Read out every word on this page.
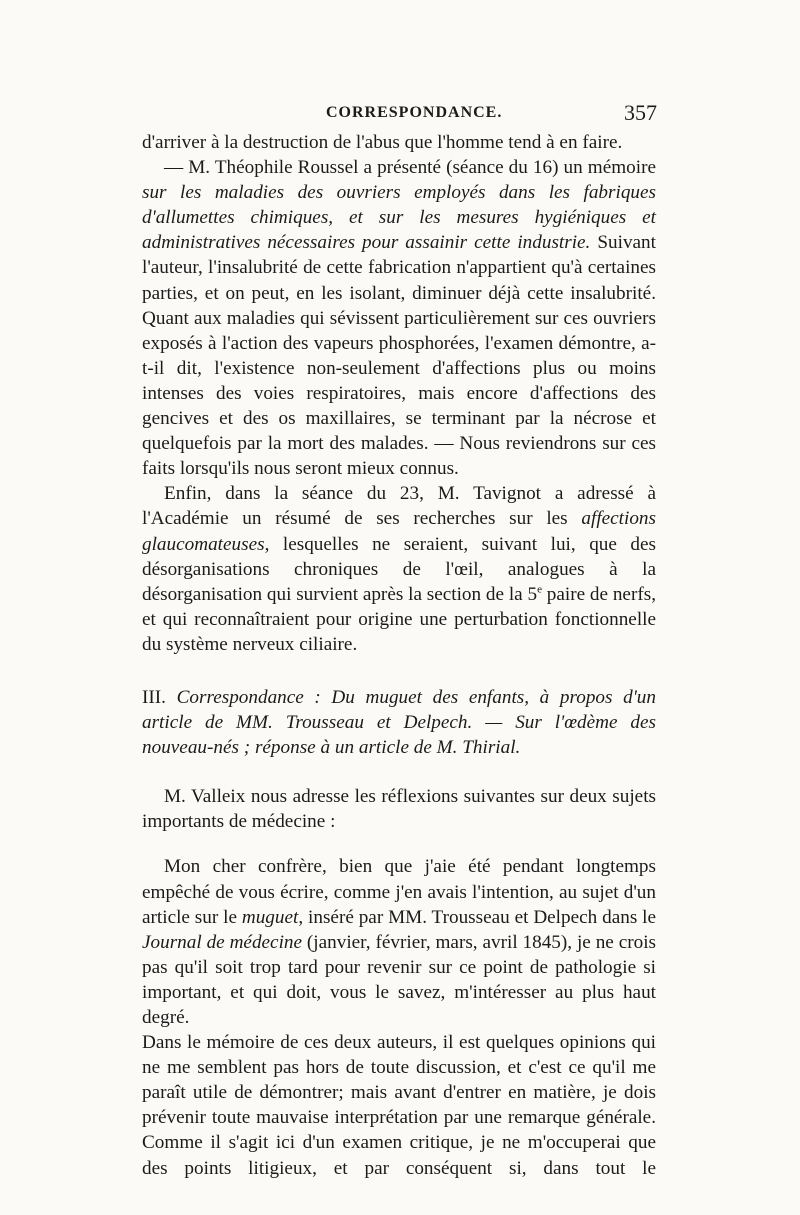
CORRESPONDANCE.	357

d'arriver à la destruction de l'abus que l'homme tend à en faire.

— M. Théophile Roussel a présenté (séance du 16) un mémoire sur les maladies des ouvriers employés dans les fabriques d'allumettes chimiques, et sur les mesures hygiéniques et administratives nécessaires pour assainir cette industrie. Suivant l'auteur, l'insalubrité de cette fabrication n'appartient qu'à certaines parties, et on peut, en les isolant, diminuer déjà cette insalubrité. Quant aux maladies qui sévissent particulièrement sur ces ouvriers exposés à l'action des vapeurs phosphorées, l'examen démontre, a-t-il dit, l'existence non-seulement d'affections plus ou moins intenses des voies respiratoires, mais encore d'affections des gencives et des os maxillaires, se terminant par la nécrose et quelquefois par la mort des malades. — Nous reviendrons sur ces faits lorsqu'ils nous seront mieux connus.

Enfin, dans la séance du 23, M. Tavignot a adressé à l'Académie un résumé de ses recherches sur les affections glaucomateuses, lesquelles ne seraient, suivant lui, que des désorganisations chroniques de l'œil, analogues à la désorganisation qui survient après la section de la 5e paire de nerfs, et qui reconnaîtraient pour origine une perturbation fonctionnelle du système nerveux ciliaire.

III. Correspondance : Du muguet des enfants, à propos d'un article de MM. Trousseau et Delpech. — Sur l'œdème des nouveau-nés ; réponse à un article de M. Thirial.

M. Valleix nous adresse les réflexions suivantes sur deux sujets importants de médecine :

Mon cher confrère, bien que j'aie été pendant longtemps empêché de vous écrire, comme j'en avais l'intention, au sujet d'un article sur le muguet, inséré par MM. Trousseau et Delpech dans le Journal de médecine (janvier, février, mars, avril 1845), je ne crois pas qu'il soit trop tard pour revenir sur ce point de pathologie si important, et qui doit, vous le savez, m'intéresser au plus haut degré.

Dans le mémoire de ces deux auteurs, il est quelques opinions qui ne me semblent pas hors de toute discussion, et c'est ce qu'il me paraît utile de démontrer; mais avant d'entrer en matière, je dois prévenir toute mauvaise interprétation par une remarque générale. Comme il s'agit ici d'un examen critique, je ne m'occuperai que des points litigieux, et par conséquent si, dans tout le
